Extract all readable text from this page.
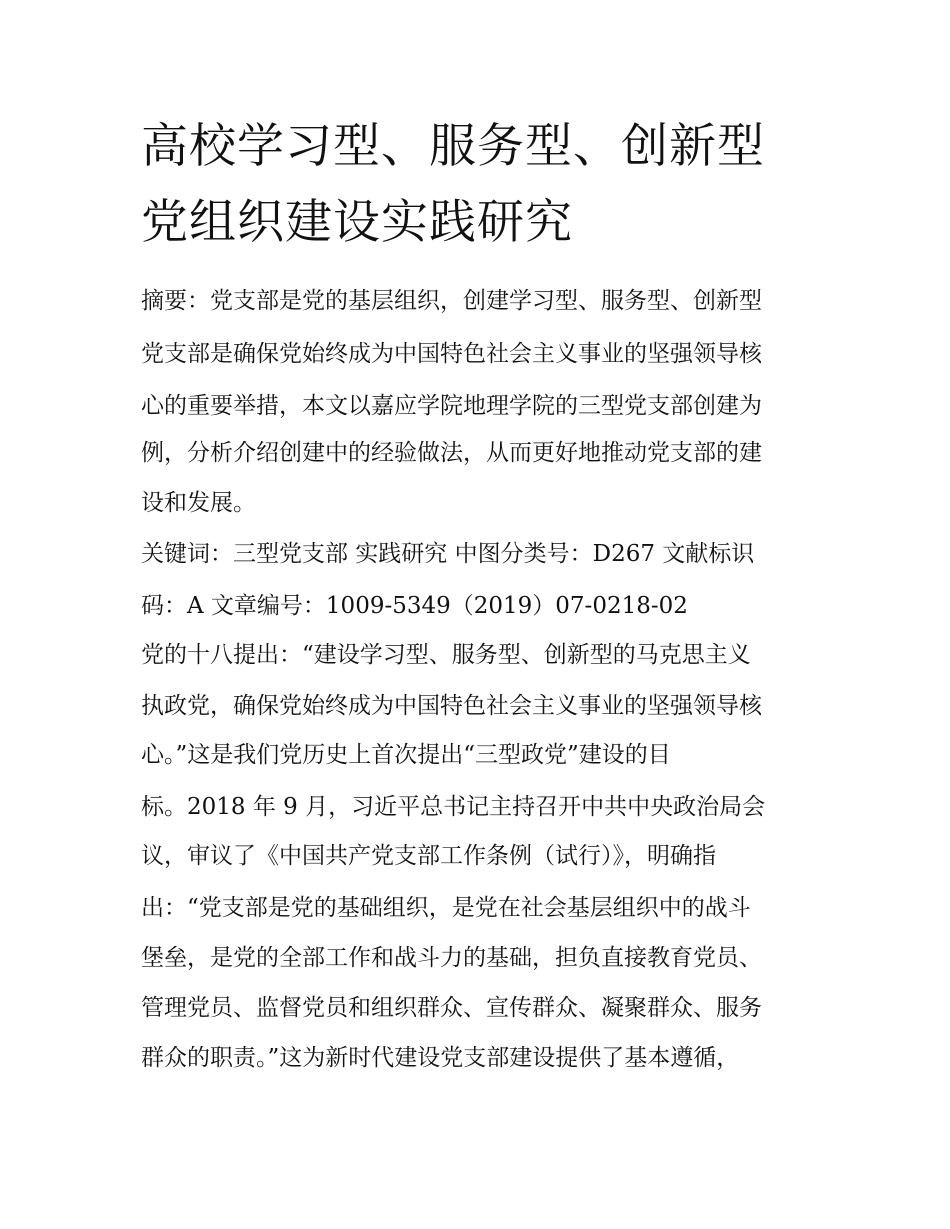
高校学习型、服务型、创新型
党组织建设实践研究
摘要：党支部是党的基层组织，创建学习型、服务型、创新型
党支部是确保党始终成为中国特色社会主义事业的坚强领导核
心的重要举措，本文以嘉应学院地理学院的三型党支部创建为
例，分析介绍创建中的经验做法，从而更好地推动党支部的建
设和发展。
关键词：三型党支部 实践研究 中图分类号：D267 文献标识
码：A 文章编号：1009-5349（2019）07-0218-02
党的十八提出：“建设学习型、服务型、创新型的马克思主义
执政党，确保党始终成为中国特色社会主义事业的坚强领导核
心。”这是我们党历史上首次提出“三型政党”建设的目
标。2018 年 9 月，习近平总书记主持召开中共中央政治局会
议，审议了《中国共产党支部工作条例（试行）》，明确指
出：“党支部是党的基础组织，是党在社会基层组织中的战斗
堡垒，是党的全部工作和战斗力的基础，担负直接教育党员、
管理党员、监督党员和组织群众、宣传群众、凝聚群众、服务
群众的职责。”这为新时代建设党支部建设提供了基本遵循，
